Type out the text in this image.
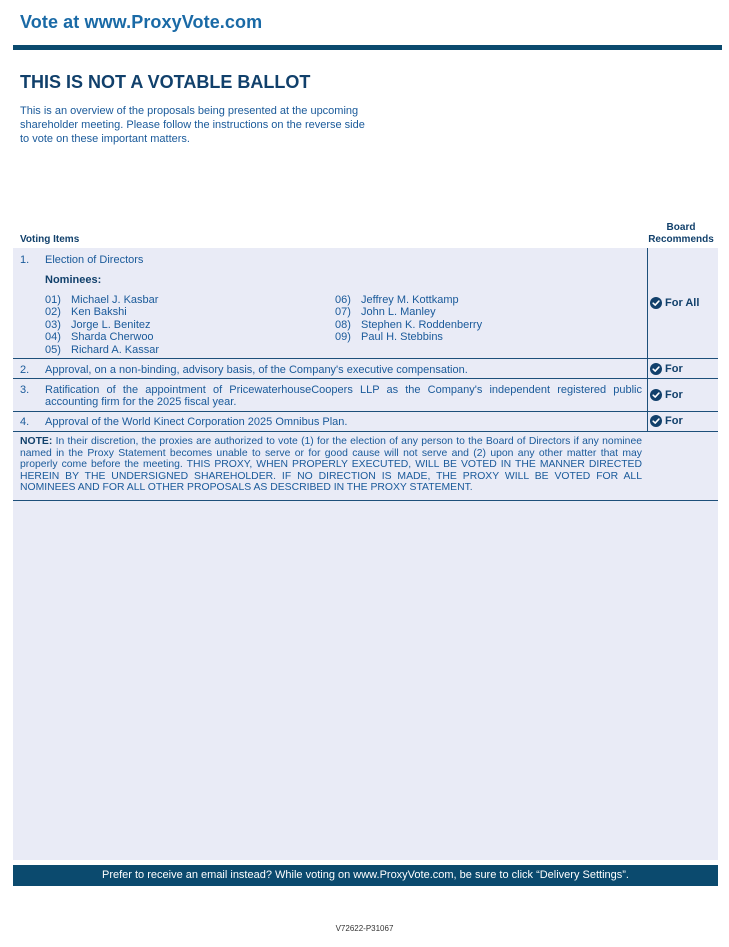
Vote at www.ProxyVote.com
THIS IS NOT A VOTABLE BALLOT
This is an overview of the proposals being presented at the upcoming shareholder meeting. Please follow the instructions on the reverse side to vote on these important matters.
Voting Items
Board
Recommends
1. Election of Directors
Nominees:
01) Michael J. Kasbar
02) Ken Bakshi
03) Jorge L. Benitez
04) Sharda Cherwoo
05) Richard A. Kassar
06) Jeffrey M. Kottkamp
07) John L. Manley
08) Stephen K. Roddenberry
09) Paul H. Stebbins
For All
2. Approval, on a non-binding, advisory basis, of the Company's executive compensation.	For
3. Ratification of the appointment of PricewaterhouseCoopers LLP as the Company's independent registered public accounting firm for the 2025 fiscal year.
For
4. Approval of the World Kinect Corporation 2025 Omnibus Plan.	For
NOTE: In their discretion, the proxies are authorized to vote (1) for the election of any person to the Board of Directors if any nominee named in the Proxy Statement becomes unable to serve or for good cause will not serve and (2) upon any other matter that may properly come before the meeting. THIS PROXY, WHEN PROPERLY EXECUTED, WILL BE VOTED IN THE MANNER DIRECTED HEREIN BY THE UNDERSIGNED SHAREHOLDER. IF NO DIRECTION IS MADE, THE PROXY WILL BE VOTED FOR ALL NOMINEES AND FOR ALL OTHER PROPOSALS AS DESCRIBED IN THE PROXY STATEMENT.
Prefer to receive an email instead? While voting on www.ProxyVote.com, be sure to click “Delivery Settings”.
V72622-P31067
